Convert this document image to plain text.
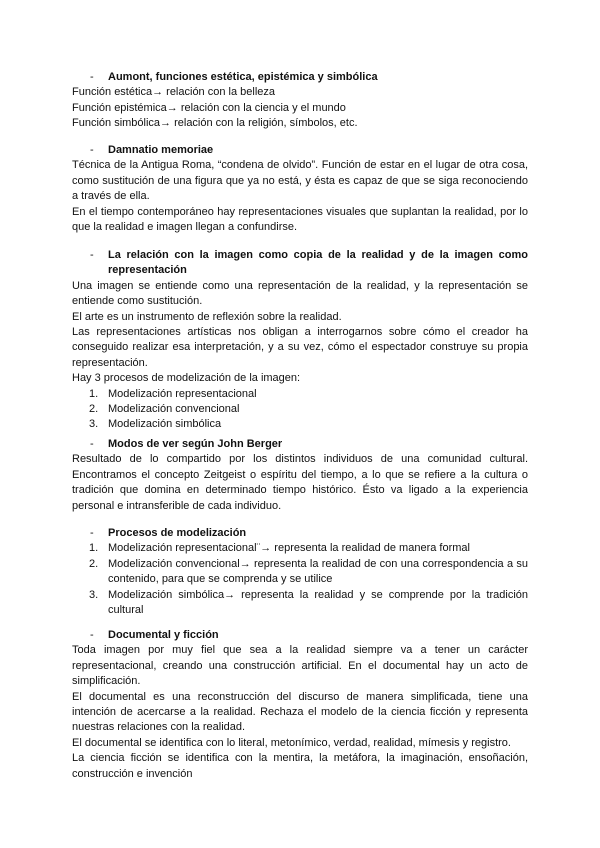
- Aumont, funciones estética, epistémica y simbólica

Función estética→ relación con la belleza

Función epistémica→ relación con la ciencia y el mundo

Función simbólica→ relación con la religión, símbolos, etc.

- Damnatio memoriae

Técnica de la Antigua Roma, “condena de olvido”. Función de estar en el lugar de otra cosa, como sustitución de una figura que ya no está, y ésta es capaz de que se siga reconociendo a través de ella.

En el tiempo contemporáneo hay representaciones visuales que suplantan la realidad, por lo que la realidad e imagen llegan a confundirse.

- La relación con la imagen como copia de la realidad y de la imagen como representación

Una imagen se entiende como una representación de la realidad, y la representación se entiende como sustitución.

El arte es un instrumento de reflexión sobre la realidad.

Las representaciones artísticas nos obligan a interrogarnos sobre cómo el creador ha conseguido realizar esa interpretación, y a su vez, cómo el espectador construye su propia representación.

Hay 3 procesos de modelización de la imagen:

1. Modelización representacional
2. Modelización convencional
3. Modelización simbólica
- Modos de ver según John Berger

Resultado de lo compartido por los distintos individuos de una comunidad cultural. Encontramos el concepto Zeitgeist o espíritu del tiempo, a lo que se refiere a la cultura o tradición que domina en determinado tiempo histórico. Ésto va ligado a la experiencia personal e intransferible de cada individuo.

- Procesos de modelización
1. Modelización representacional¨→ representa la realidad de manera formal
2. Modelización convencional→ representa la realidad de con una correspondencia a su contenido, para que se comprenda y se utilice
3. Modelización simbólica→ representa la realidad y se comprende por la tradición cultural
- Documental y ficción

Toda imagen por muy fiel que sea a la realidad siempre va a tener un carácter representacional, creando una construcción artificial. En el documental hay un acto de simplificación.

El documental es una reconstrucción del discurso de manera simplificada, tiene una intención de acercarse a la realidad. Rechaza el modelo de la ciencia ficción y representa nuestras relaciones con la realidad.

El documental se identifica con lo literal, metonímico, verdad, realidad, mímesis y registro.

La ciencia ficción se identifica con la mentira, la metáfora, la imaginación, ensoñación, construcción e invención
